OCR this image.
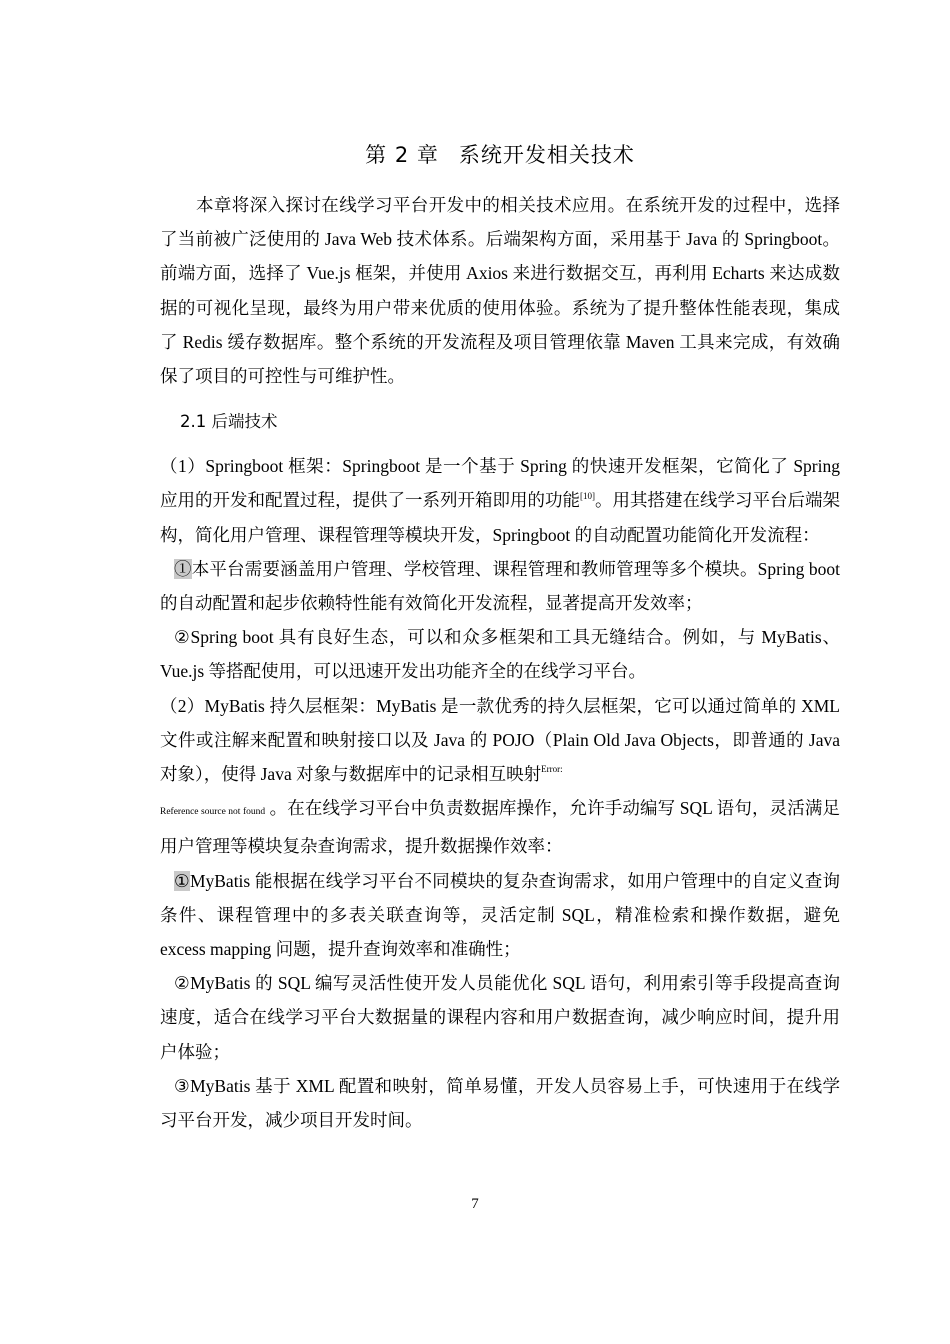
第 2 章 系统开发相关技术

本章将深入探讨在线学习平台开发中的相关技术应用。在系统开发的过程中，选择了当前被广泛使用的 Java Web 技术体系。后端架构方面，采用基于 Java 的 Springboot。前端方面，选择了 Vue.js 框架，并使用 Axios 来进行数据交互，再利用 Echarts 来达成数据的可视化呈现，最终为用户带来优质的使用体验。系统为了提升整体性能表现，集成了 Redis 缓存数据库。整个系统的开发流程及项目管理依靠 Maven 工具来完成，有效确保了项目的可控性与可维护性。

2.1 后端技术

（1）Springboot 框架：Springboot 是一个基于 Spring 的快速开发框架，它简化了 Spring 应用的开发和配置过程，提供了一系列开箱即用的功能[10]。用其搭建在线学习平台后端架构，简化用户管理、课程管理等模块开发，Springboot 的自动配置功能简化开发流程：

①本平台需要涵盖用户管理、学校管理、课程管理和教师管理等多个模块。Spring boot 的自动配置和起步依赖特性能有效简化开发流程，显著提高开发效率；

②Spring boot 具有良好生态，可以和众多框架和工具无缝结合。例如，与 MyBatis、Vue.js 等搭配使用，可以迅速开发出功能齐全的在线学习平台。

（2）MyBatis 持久层框架：MyBatis 是一款优秀的持久层框架，它可以通过简单的 XML 文件或注解来配置和映射接口以及 Java 的 POJO（Plain Old Java Objects，即普通的 Java 对象），使得 Java 对象与数据库中的记录相互映射$^{Error:}$
Reference source not found 。在在线学习平台中负责数据库操作，允许手动编写 SQL 语句，灵活满足用户管理等模块复杂查询需求，提升数据操作效率：

①MyBatis 能根据在线学习平台不同模块的复杂查询需求，如用户管理中的自定义查询条件、课程管理中的多表关联查询等，灵活定制 SQL，精准检索和操作数据，避免 excess mapping 问题，提升查询效率和准确性；

②MyBatis 的 SQL 编写灵活性使开发人员能优化 SQL 语句，利用索引等手段提高查询速度，适合在线学习平台大数据量的课程内容和用户数据查询，减少响应时间，提升用户体验；

③MyBatis 基于 XML 配置和映射，简单易懂，开发人员容易上手，可快速用于在线学习平台开发，减少项目开发时间。

7
